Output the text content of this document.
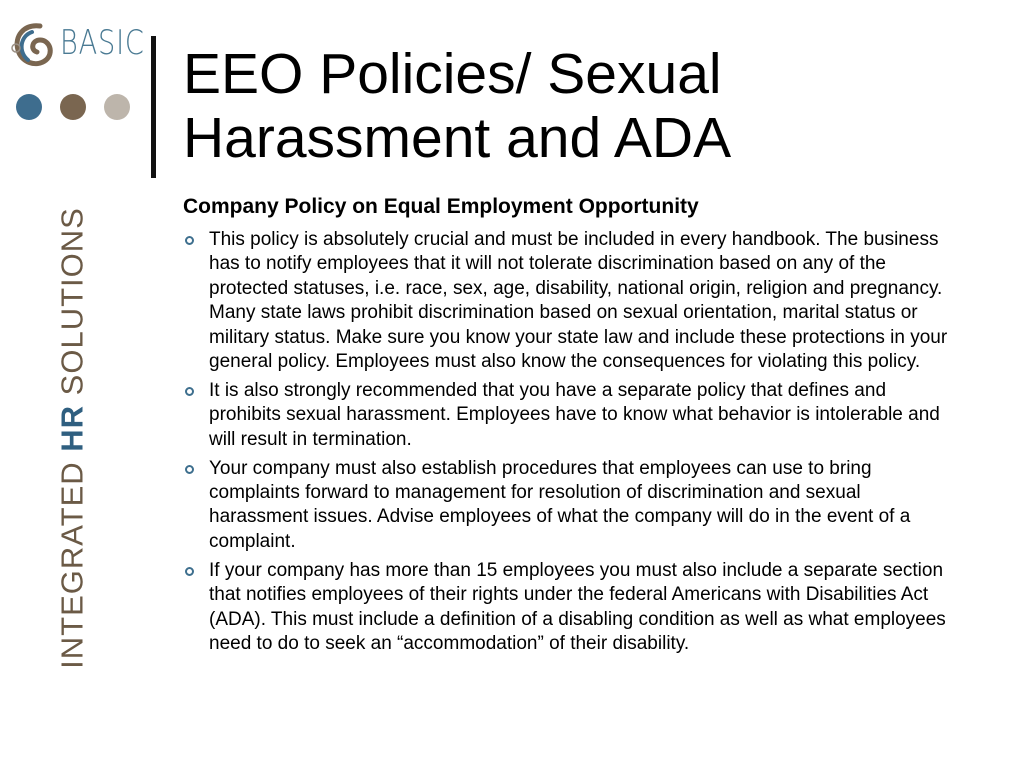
BASIC
INTEGRATED HR SOLUTIONS
EEO Policies/ Sexual Harassment and ADA
Company Policy on Equal Employment Opportunity
This policy is absolutely crucial and must be included in every handbook. The business has to notify employees that it will not tolerate discrimination based on any of the protected statuses, i.e. race, sex, age, disability, national origin, religion and pregnancy. Many state laws prohibit discrimination based on sexual orientation, marital status or military status. Make sure you know your state law and include these protections in your general policy. Employees must also know the consequences for violating this policy.
It is also strongly recommended that you have a separate policy that defines and prohibits sexual harassment. Employees have to know what behavior is intolerable and will result in termination.
Your company must also establish procedures that employees can use to bring complaints forward to management for resolution of discrimination and sexual harassment issues. Advise employees of what the company will do in the event of a complaint.
If your company has more than 15 employees you must also include a separate section that notifies employees of their rights under the federal Americans with Disabilities Act (ADA). This must include a definition of a disabling condition as well as what employees need to do to seek an “accommodation” of their disability.
